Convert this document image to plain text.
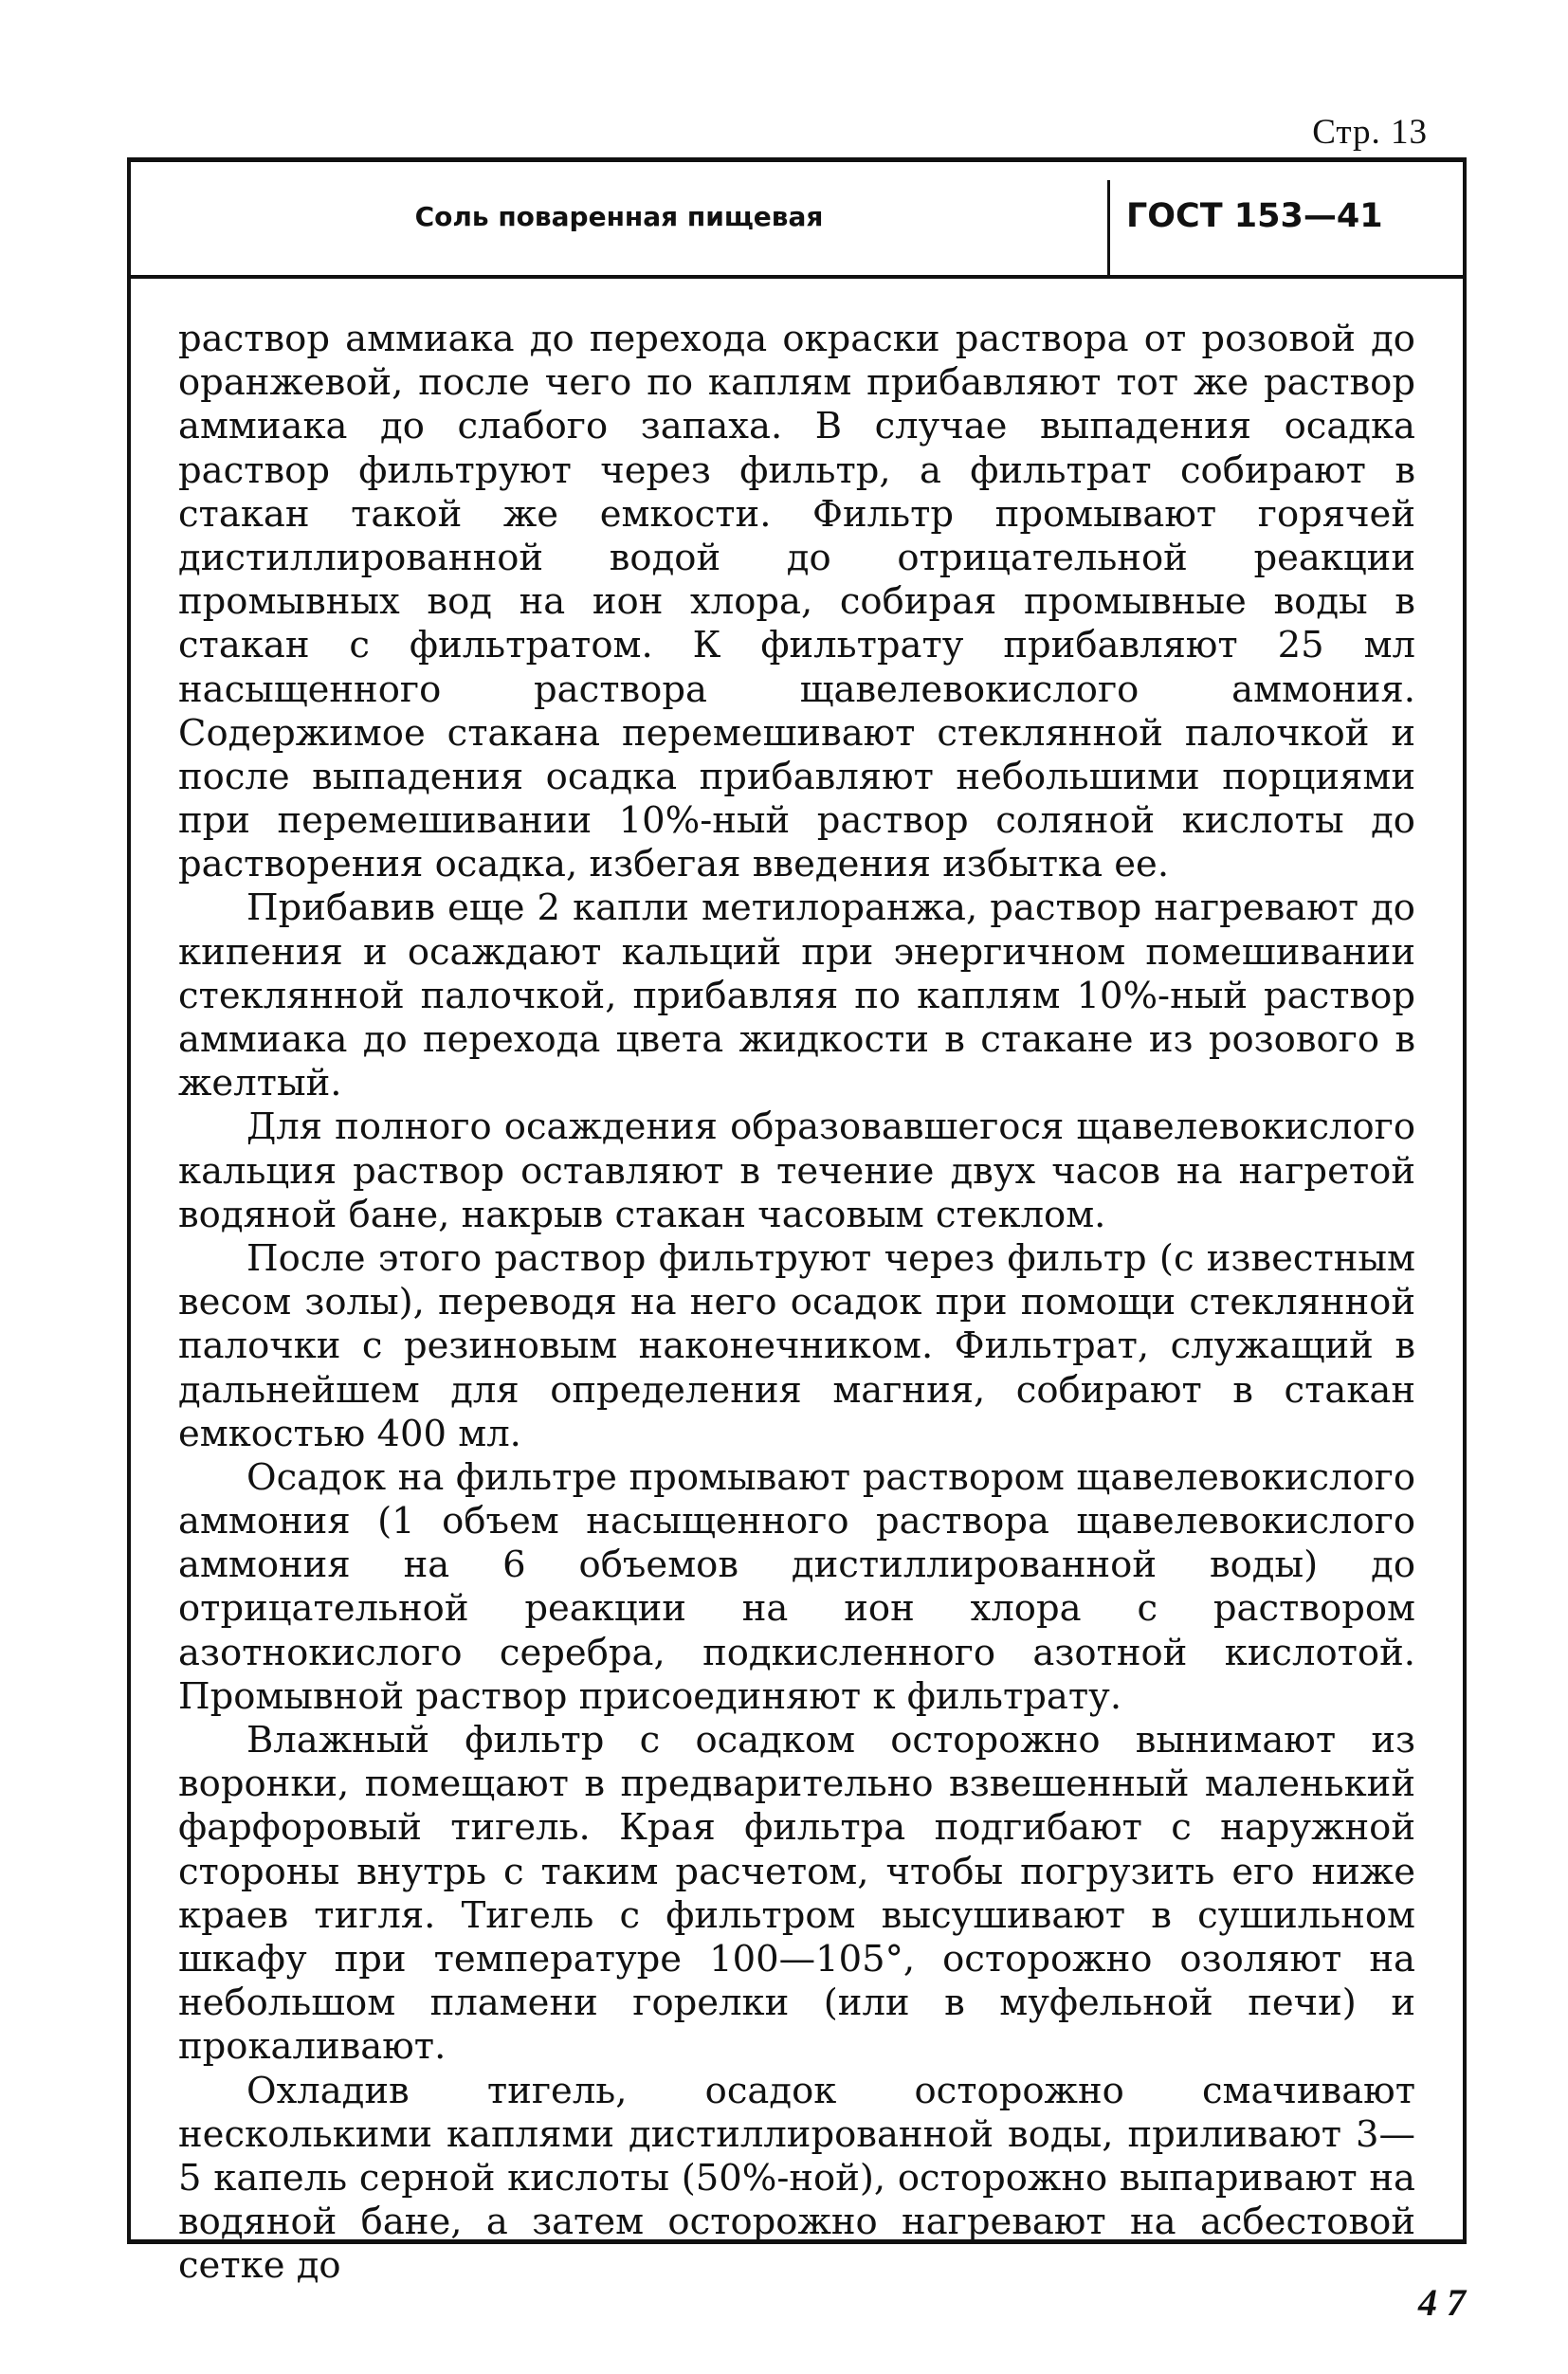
Стр. 13
Соль поваренная пищевая	ГОСТ 153—41

раствор аммиака до перехода окраски раствора от розовой до оранжевой, после чего по каплям прибавляют тот же раствор аммиака до слабого запаха. В случае выпадения осадка раствор фильтруют через фильтр, а фильтрат собирают в стакан такой же емкости. Фильтр промывают горячей дистиллированной водой до отрицательной реакции промывных вод на ион хлора, собирая промывные воды в стакан с фильтратом. К фильтрату прибавляют 25 мл насыщенного раствора щавелевокислого аммония. Содержимое стакана перемешивают стеклянной палочкой и после выпадения осадка прибавляют небольшими порциями при перемешивании 10%-ный раствор соляной кислоты до растворения осадка, избегая введения избытка ее.

Прибавив еще 2 капли метилоранжа, раствор нагревают до кипения и осаждают кальций при энергичном помешивании стеклянной палочкой, прибавляя по каплям 10%-ный раствор аммиака до перехода цвета жидкости в стакане из розового в желтый.

Для полного осаждения образовавшегося щавелевокислого кальция раствор оставляют в течение двух часов на нагретой водяной бане, накрыв стакан часовым стеклом.

После этого раствор фильтруют через фильтр (с известным весом золы), переводя на него осадок при помощи стеклянной палочки с резиновым наконечником. Фильтрат, служащий в дальнейшем для определения магния, собирают в стакан емкостью 400 мл.

Осадок на фильтре промывают раствором щавелевокислого аммония (1 объем насыщенного раствора щавелевокислого аммония на 6 объемов дистиллированной воды) до отрицательной реакции на ион хлора с раствором азотнокислого серебра, подкисленного азотной кислотой. Промывной раствор присоединяют к фильтрату.

Влажный фильтр с осадком осторожно вынимают из воронки, помещают в предварительно взвешенный маленький фарфоровый тигель. Края фильтра подгибают с наружной стороны внутрь с таким расчетом, чтобы погрузить его ниже краев тигля. Тигель с фильтром высушивают в сушильном шкафу при температуре 100—105°, осторожно озоляют на небольшом пламени горелки (или в муфельной печи) и прокаливают.

Охладив тигель, осадок осторожно смачивают несколькими каплями дистиллированной воды, приливают 3—5 капель серной кислоты (50%-ной), осторожно выпаривают на водяной бане, а затем осторожно нагревают на асбестовой сетке до

4 7
